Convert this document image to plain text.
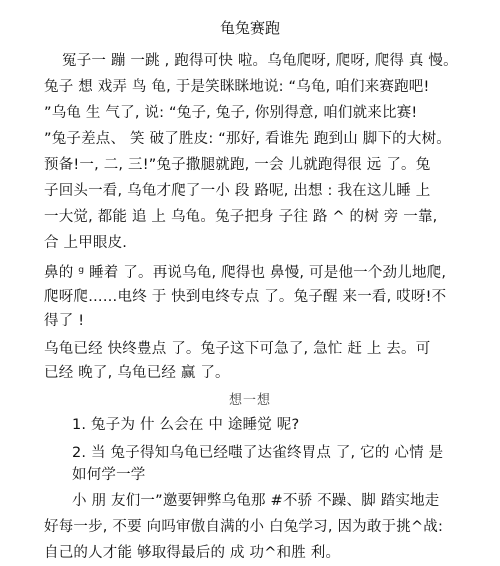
龟兔赛跑
冤子一 蹦 一跳 , 跑得可快 啦。乌龟爬呀, 爬呀, 爬得 真 慢。
兔子 想 戏弄 鸟 龟, 于是笑眯眯地说: “乌龟, 咱们来赛跑吧!
”乌龟 生 气了, 说: “兔子, 兔子, 你别得意, 咱们就来比赛!
”兔子差点、 笑 破了胜皮: “那好, 看谁先 跑到山 脚下的大树。
预备!一, 二, 三!”兔子撒腿就跑, 一会 儿就跑得很 远 了。兔
子回头一看, 乌龟才爬了一小 段 路呢, 出想 : 我在这儿睡 上
一大觉, 都能 追 上 乌龟。兔子把身 子往 路 ^ 的树 旁 一靠,
合 上甲眼皮.
鼻的 ᵍ 睡着 了。再说乌龟, 爬得也 鼻慢, 可是他一个劲儿地爬,
爬呀爬……电终 于 快到电终专点 了。兔子醒 来一看, 哎呀!不
得了 !
乌龟已经 快终豊点 了。兔子这下可急了, 急忙 赶 上 去。可
已经 晚了, 乌龟已经 赢 了。
想一想
1. 兔子为 什 么会在 中 途睡觉 呢?
2. 当 兔子得知乌龟已经嗤了达雀终胃点 了, 它的 心情 是
如何学一学
小 朋 友们一”邀要钾弊乌龟那 #不骄 不躁、脚 踏实地走
好每一步, 不要 向吗审傲自满的小 白兔学习, 因为敢于挑^战:
自己的人才能 够取得最后的 成 功^和胜 利。
